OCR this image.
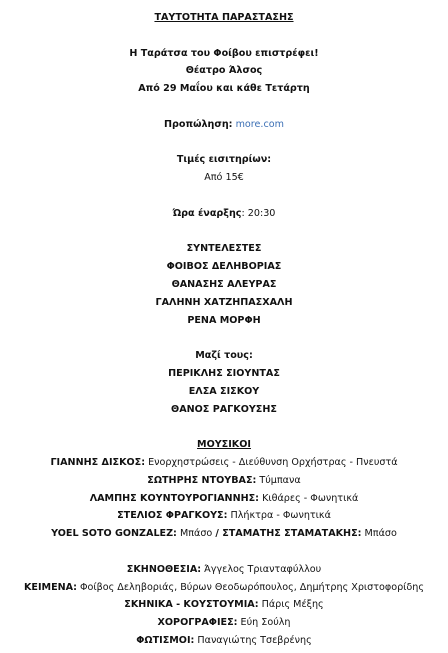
ΤΑΥΤΟΤΗΤΑ ΠΑΡΑΣΤΑΣΗΣ
Η Ταράτσα του Φοίβου επιστρέφει!
Θέατρο Άλσος
Από 29 Μαΐου και κάθε Τετάρτη
Προπώληση: more.com
Τιμές εισιτηρίων:
Από 15€
Ώρα έναρξης: 20:30
ΣΥΝΤΕΛΕΣΤΕΣ
ΦΟΙΒΟΣ ΔΕΛΗΒΟΡΙΑΣ
ΘΑΝΑΣΗΣ ΑΛΕΥΡΑΣ
ΓΑΛΗΝΗ ΧΑΤΖΗΠΑΣΧΑΛΗ
ΡΕΝΑ ΜΟΡΦΗ
Μαζί τους:
ΠΕΡΙΚΛΗΣ ΣΙΟΥΝΤΑΣ
ΕΛΣΑ ΣΙΣΚΟΥ
ΘΑΝΟΣ ΡΑΓΚΟΥΣΗΣ
ΜΟΥΣΙΚΟΙ
ΓΙΑΝΝΗΣ ΔΙΣΚΟΣ: Ενορχηστρώσεις - Διεύθυνση Ορχήστρας - Πνευστά
ΣΩΤΗΡΗΣ ΝΤΟΥΒΑΣ: Τύμπανα
ΛΑΜΠΗΣ ΚΟΥΝΤΟΥΡΟΓΙΑΝΝΗΣ: Κιθάρες - Φωνητικά
ΣΤΕΛΙΟΣ ΦΡΑΓΚΟΥΣ: Πλήκτρα - Φωνητικά
YOEL SOTO GONZALEZ: Μπάσο / ΣΤΑΜΑΤΗΣ ΣΤΑΜΑΤΑΚΗΣ: Μπάσο
ΣΚΗΝΟΘΕΣΙΑ: Άγγελος Τριανταφύλλου
ΚΕΙΜΕΝΑ: Φοίβος Δεληβοριάς, Βύρων Θεοδωρόπουλος, Δημήτρης Χριστοφορίδης
ΣΚΗΝΙΚΑ - ΚΟΥΣΤΟΥΜΙΑ: Πάρις Μέξης
ΧΟΡΟΓΡΑΦΙΕΣ: Εύη Σούλη
ΦΩΤΙΣΜΟΙ: Παναγιώτης Τσεβρένης
